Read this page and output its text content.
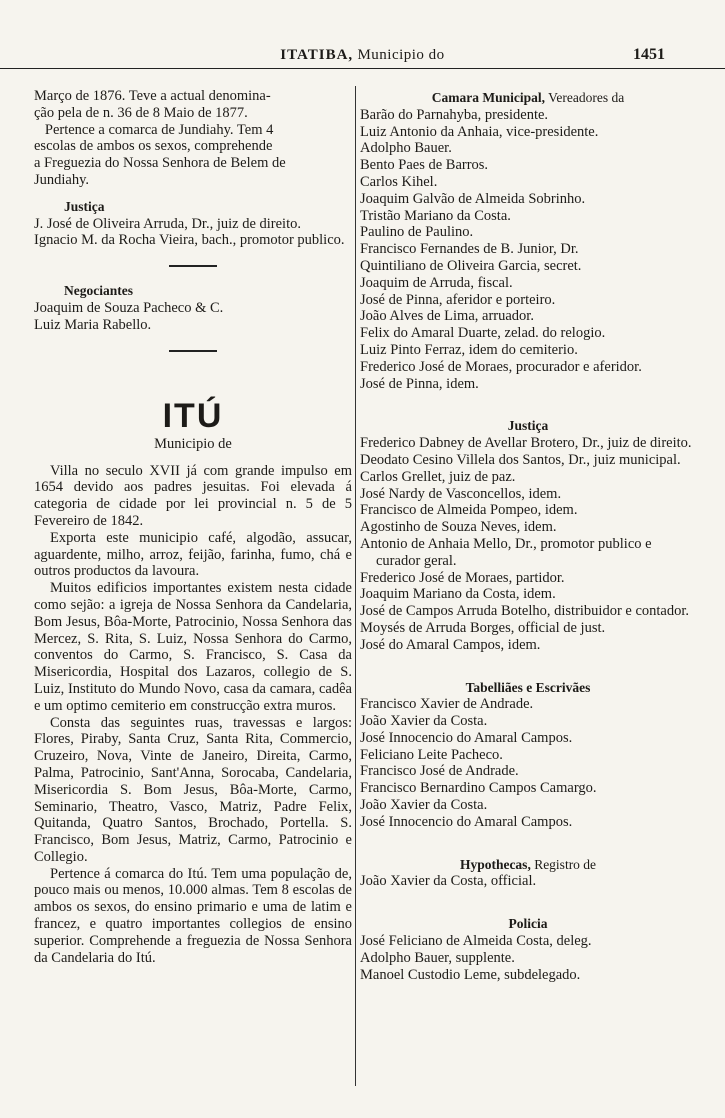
ITATIBA, Municipio do	1451

Março de 1876. Teve a actual denomina-

ção pela de n. 36 de 8 Maio de 1877.

Pertence a comarca de Jundiahy. Tem 4

escolas de ambos os sexos, comprehende

a Freguezia do Nossa Senhora de Belem de

Jundiahy.

Justiça

J. José de Oliveira Arruda, Dr., juiz de direito.

Ignacio M. da Rocha Vieira, bach., promotor publico.

Negociantes

Joaquim de Souza Pacheco & C.

Luiz Maria Rabello.

ITÚ
Municipio de

Villa no seculo XVII já com grande impulso em 1654 devido aos padres jesuitas. Foi elevada á categoria de cidade por lei provincial n. 5 de 5 Fevereiro de 1842.

Exporta este municipio café, algodão, assucar, aguardente, milho, arroz, feijão, farinha, fumo, chá e outros productos da lavoura.

Muitos edificios importantes existem nesta cidade como sejão: a igreja de Nossa Senhora da Candelaria, Bom Jesus, Bôa-Morte, Patrocinio, Nossa Senhora das Mercez, S. Rita, S. Luiz, Nossa Senhora do Carmo, conventos do Carmo, S. Francisco, S. Casa da Misericordia, Hospital dos Lazaros, collegio de S. Luiz, Instituto do Mundo Novo, casa da camara, cadêa e um optimo cemiterio em construcção extra muros.

Consta das seguintes ruas, travessas e largos: Flores, Piraby, Santa Cruz, Santa Rita, Commercio, Cruzeiro, Nova, Vinte de Janeiro, Direita, Carmo, Palma, Patrocinio, Sant'Anna, Sorocaba, Candelaria, Misericordia S. Bom Jesus, Bôa-Morte, Carmo, Seminario, Theatro, Vasco, Matriz, Padre Felix, Quitanda, Quatro Santos, Brochado, Portella. S. Francisco, Bom Jesus, Matriz, Carmo, Patrocinio e Collegio.

Pertence á comarca do Itú. Tem uma população de, pouco mais ou menos, 10.000 almas. Tem 8 escolas de ambos os sexos, do ensino primario e uma de latim e francez, e quatro importantes collegios de ensino superior. Comprehende a freguezia de Nossa Senhora da Candelaria do Itú.

Camara Municipal, Vereadores da

Barão do Parnahyba, presidente.

Luiz Antonio da Anhaia, vice-presidente.

Adolpho Bauer.

Bento Paes de Barros.

Carlos Kihel.

Joaquim Galvão de Almeida Sobrinho.

Tristão Mariano da Costa.

Paulino de Paulino.

Francisco Fernandes de B. Junior, Dr.

Quintiliano de Oliveira Garcia, secret.

Joaquim de Arruda, fiscal.

José de Pinna, aferidor e porteiro.

João Alves de Lima, arruador.

Felix do Amaral Duarte, zelad. do relogio.

Luiz Pinto Ferraz, idem do cemiterio.

Frederico José de Moraes, procurador e aferidor.

José de Pinna, idem.

Justiça

Frederico Dabney de Avellar Brotero, Dr., juiz de direito.

Deodato Cesino Villela dos Santos, Dr., juiz municipal.

Carlos Grellet, juiz de paz.

José Nardy de Vasconcellos, idem.

Francisco de Almeida Pompeo, idem.

Agostinho de Souza Neves, idem.

Antonio de Anhaia Mello, Dr., promotor publico e curador geral.

Frederico José de Moraes, partidor.

Joaquim Mariano da Costa, idem.

José de Campos Arruda Botelho, distribuidor e contador.

Moysés de Arruda Borges, official de just.

José do Amaral Campos, idem.

Tabelliães e Escrivães

Francisco Xavier de Andrade.

João Xavier da Costa.

José Innocencio do Amaral Campos.

Feliciano Leite Pacheco.

Francisco José de Andrade.

Francisco Bernardino Campos Camargo.

João Xavier da Costa.

José Innocencio do Amaral Campos.

Hypothecas, Registro de

João Xavier da Costa, official.

Policia

José Feliciano de Almeida Costa, deleg.

Adolpho Bauer, supplente.

Manoel Custodio Leme, subdelegado.
